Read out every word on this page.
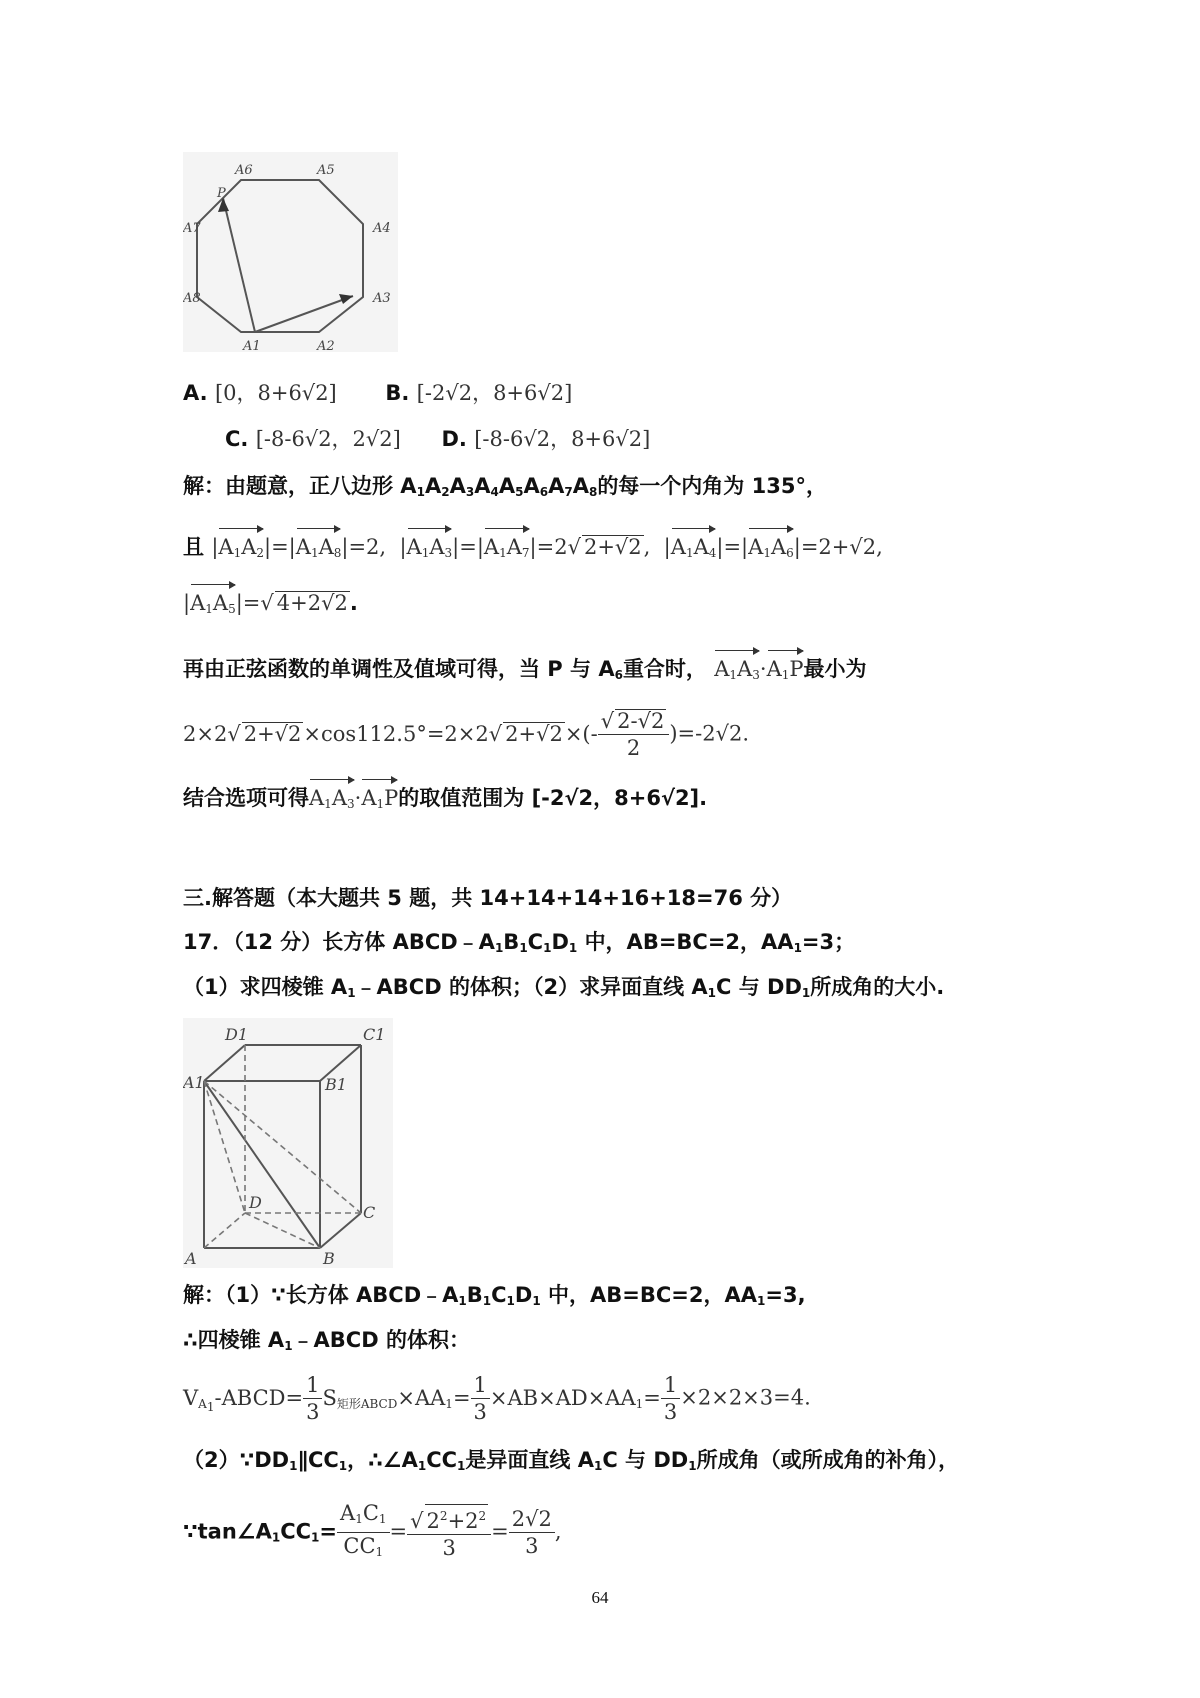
A6	A5
P
A7	A4
A8	A3
A1	A2
A. [0，8+6√2] B. [-2√2，8+6√2]
C. [-8-6√2，2√2] D. [-8-6√2，8+6√2]
解：由题意，正八边形 $A_1A_2A_3A_4A_5A_6A_7A_8$的每一个内角为 135°，
且 $|A_1A_2|=|A_1A_8|=2$,  $|A_1A_3|=|A_1A_7|=2√$ 2+√2,  $|A_1A_4|=|A_1A_6|=2+√2$,
$|A_1A_5|=√$ 4+2√2.
再由正弦函数的单调性及值域可得，当 P 与 $A_6$重合时， $A_1A_3\cdot A_1P$最小为
2×2√ 2+√2×cos112.5°=2×2√ $2+√2\times(- \frac{√ 2-√2}{2} )=-2√2$.
结合选项可得$A_1A_3\cdot A_1P$的取值范围为 [-2√2，8+6√2].
三.解答题（本大题共 5 题，共 14+14+14+16+18=76 分）
17．（12 分）长方体 $ABCD﹣A_1B_1C_1D_1$ 中，AB=BC=2，$AA_1=3$；
（1）求四棱锥 $A_1﹣ABCD$ 的体积；（2）求异面直线 $A_1C$ 与 $DD_1$所成角的大小.
D1	C1
A1	B1
D
C
A	B
解：（1）∵长方体 $ABCD﹣A_1B_1C_1D_1$ 中，AB=BC=2，$AA_1=3$,
∴四棱锥 $A_1﹣ABCD$ 的体积：
$V_{A_1}-ABCD= \frac{1}{3} S_{矩形ABCD}\times AA_1= \frac{1}{3} \times AB\times AD\times AA_1= \frac{1}{3} \times 2\times 2\times 3=4$.
$(2)\because DD_1\parallel CC_1$，$\therefore\angle A_1CC_1$是异面直线 $A_1C$ 与 $DD_1$所成角（或所成角的补角），
$\because\tan\angle A_1CC_1= \frac{A_1C_1}{CC_1} = \frac{√ 2^2+2^2}{3} = \frac{2√2}{3}$ ,
64
